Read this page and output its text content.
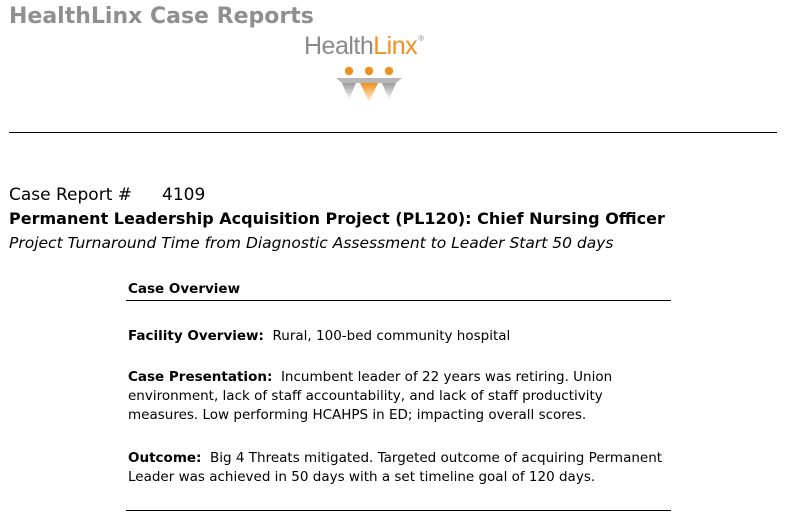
HealthLinx Case Reports
HealthLinx®
Case Report # 4109
Permanent Leadership Acquisition Project (PL120): Chief Nursing Officer
Project Turnaround Time from Diagnostic Assessment to Leader Start 50 days
Case Overview
Facility Overview: Rural, 100-bed community hospital
Case Presentation: Incumbent leader of 22 years was retiring. Union environment, lack of staff accountability, and lack of staff productivity measures. Low performing HCAHPS in ED; impacting overall scores.
Outcome: Big 4 Threats mitigated. Targeted outcome of acquiring Permanent Leader was achieved in 50 days with a set timeline goal of 120 days.
